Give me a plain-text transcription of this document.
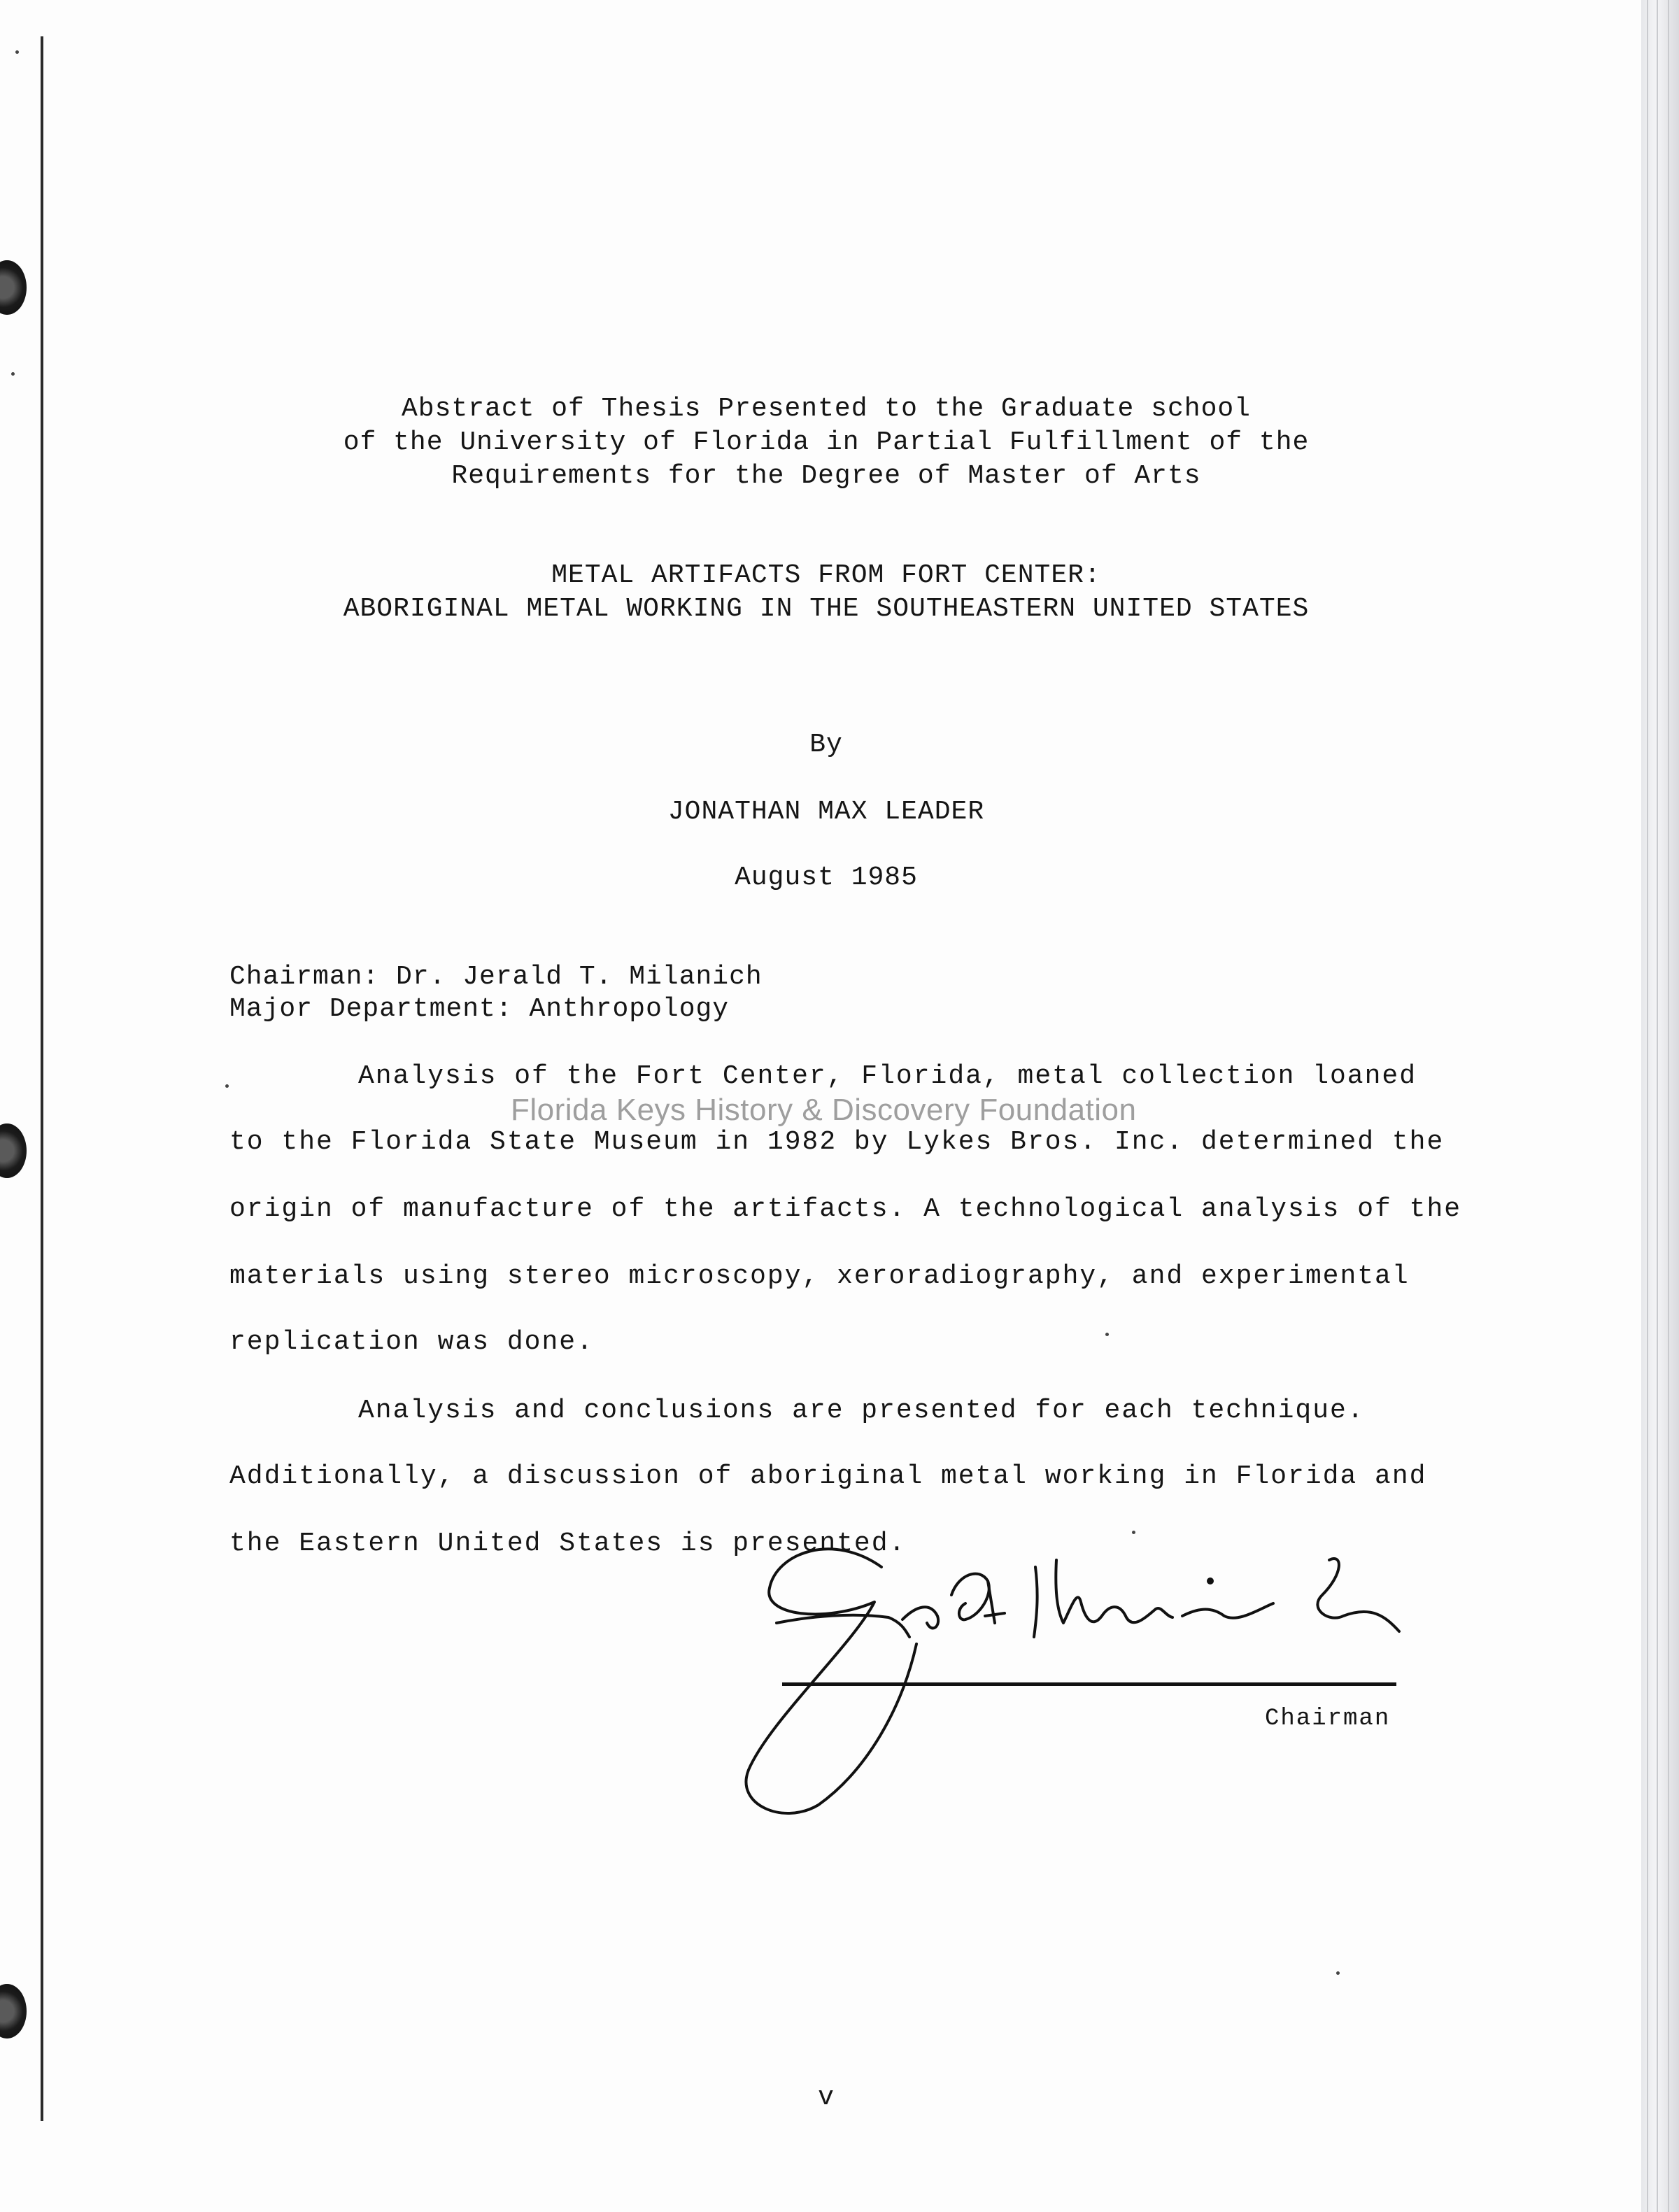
Abstract of Thesis Presented to the Graduate school
of the University of Florida in Partial Fulfillment of the
Requirements for the Degree of Master of Arts
METAL ARTIFACTS FROM FORT CENTER:
ABORIGINAL METAL WORKING IN THE SOUTHEASTERN UNITED STATES
By
JONATHAN MAX LEADER
August 1985
Chairman: Dr. Jerald T. Milanich
Major Department: Anthropology
Analysis of the Fort Center, Florida, metal collection loaned
to the Florida State Museum in 1982 by Lykes Bros. Inc. determined the
origin of manufacture of the artifacts. A technological analysis of the
materials using stereo microscopy, xeroradiography, and experimental
replication was done.
Analysis and conclusions are presented for each technique.
Additionally, a discussion of aboriginal metal working in Florida and
the Eastern United States is presented.
Florida Keys History & Discovery Foundation
Chairman
v
